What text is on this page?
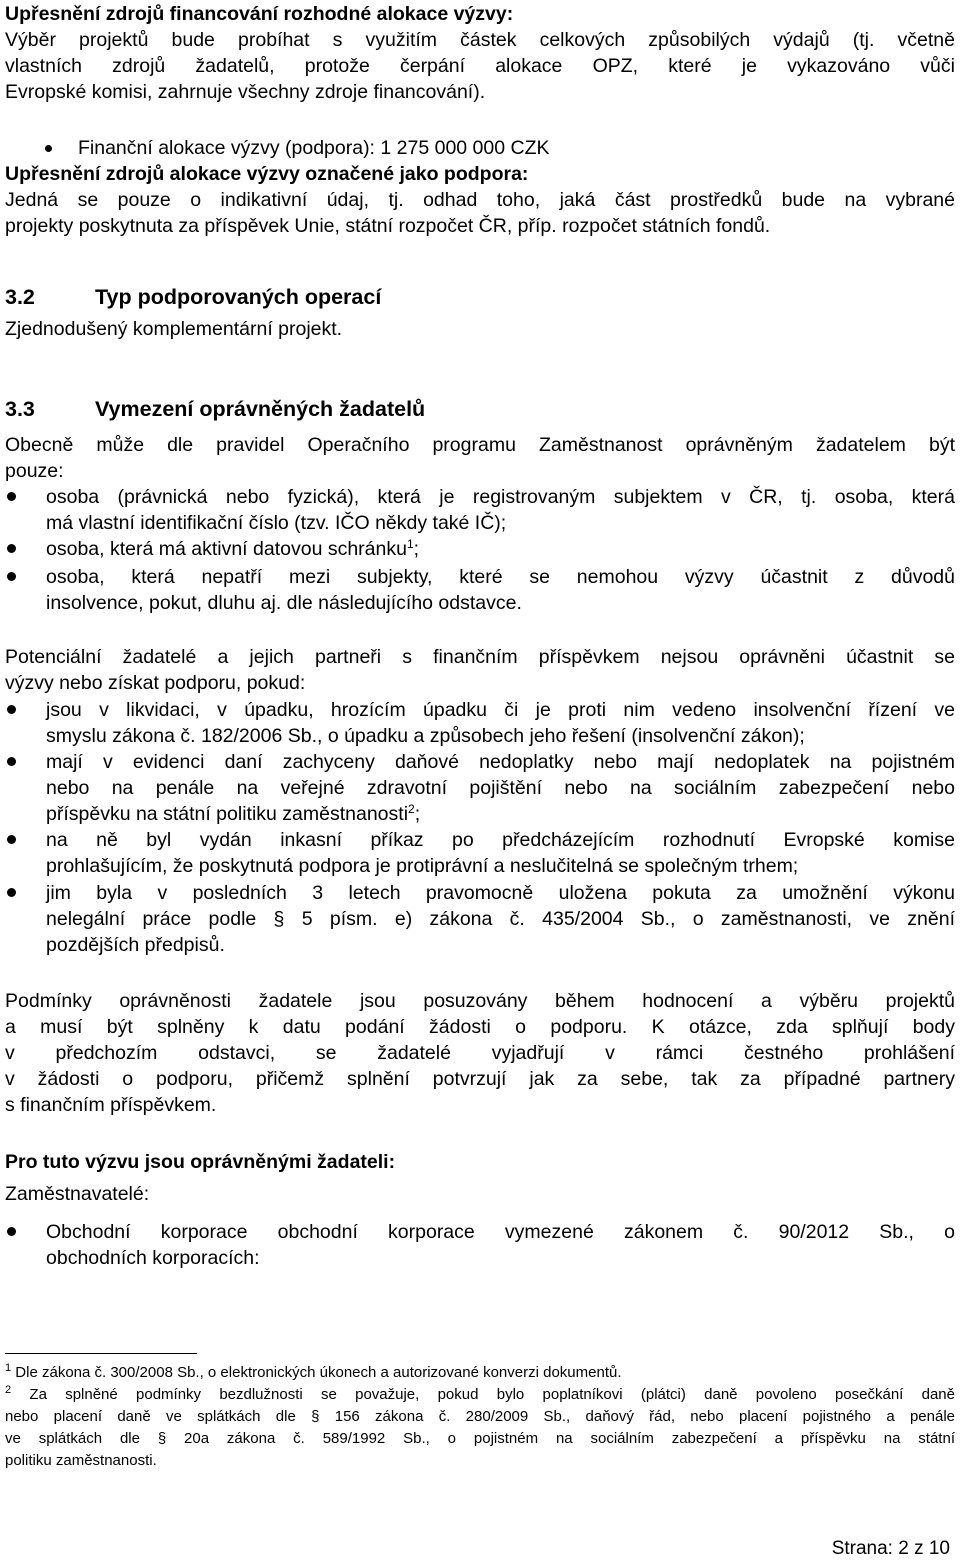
Upřesnění zdrojů financování rozhodné alokace výzvy:
Výběr projektů bude probíhat s využitím částek celkových způsobilých výdajů (tj. včetně
vlastních zdrojů žadatelů, protože čerpání alokace OPZ, které je vykazováno vůči
Evropské komisi, zahrnuje všechny zdroje financování).
Finanční alokace výzvy (podpora): 1 275 000 000 CZK
Upřesnění zdrojů alokace výzvy označené jako podpora:
Jedná se pouze o indikativní údaj, tj. odhad toho, jaká část prostředků bude na vybrané
projekty poskytnuta za příspěvek Unie, státní rozpočet ČR, příp. rozpočet státních fondů.
3.2	Typ podporovaných operací
Zjednodušený komplementární projekt.
3.3	Vymezení oprávněných žadatelů
Obecně může dle pravidel Operačního programu Zaměstnanost oprávněným žadatelem být
pouze:
osoba (právnická nebo fyzická), která je registrovaným subjektem v ČR, tj. osoba, která
má vlastní identifikační číslo (tzv. IČO někdy také IČ);
osoba, která má aktivní datovou schránku$^1$;
osoba, která nepatří mezi subjekty, které se nemohou výzvy účastnit z důvodů
insolvence, pokut, dluhu aj. dle následujícího odstavce.
Potenciální žadatelé a jejich partneři s finančním příspěvkem nejsou oprávněni účastnit se
výzvy nebo získat podporu, pokud:
jsou v likvidaci, v úpadku, hrozícím úpadku či je proti nim vedeno insolvenční řízení ve
smyslu zákona č. 182/2006 Sb., o úpadku a způsobech jeho řešení (insolvenční zákon);
mají v evidenci daní zachyceny daňové nedoplatky nebo mají nedoplatek na pojistném
nebo na penále na veřejné zdravotní pojištění nebo na sociálním zabezpečení nebo
příspěvku na státní politiku zaměstnanosti$^2$;
na ně byl vydán inkasní příkaz po předcházejícím rozhodnutí Evropské komise
prohlašujícím, že poskytnutá podpora je protiprávní a neslučitelná se společným trhem;
jim byla v posledních 3 letech pravomocně uložena pokuta za umožnění výkonu
nelegální práce podle § 5 písm. e) zákona č. 435/2004 Sb., o zaměstnanosti, ve znění
pozdějších předpisů.
Podmínky oprávněnosti žadatele jsou posuzovány během hodnocení a výběru projektů
a musí být splněny k datu podání žádosti o podporu. K otázce, zda splňují body
v předchozím odstavci, se žadatelé vyjadřují v rámci čestného prohlášení
v žádosti o podporu, přičemž splnění potvrzují jak za sebe, tak za případné partnery
s finančním příspěvkem.
Pro tuto výzvu jsou oprávněnými žadateli:
Zaměstnavatelé:
Obchodní korporace obchodní korporace vymezené zákonem č. 90/2012 Sb., o
obchodních korporacích:
$^1$ Dle zákona č. 300/2008 Sb., o elektronických úkonech a autorizované konverzi dokumentů.
$^2$ Za splněné podmínky bezdlužnosti se považuje, pokud bylo poplatníkovi (plátci) daně povoleno posečkání daně
nebo placení daně ve splátkách dle § 156 zákona č. 280/2009 Sb., daňový řád, nebo placení pojistného a penále
ve splátkách dle § 20a zákona č. 589/1992 Sb., o pojistném na sociálním zabezpečení a příspěvku na státní
politiku zaměstnanosti.
Strana: 2 z 10
